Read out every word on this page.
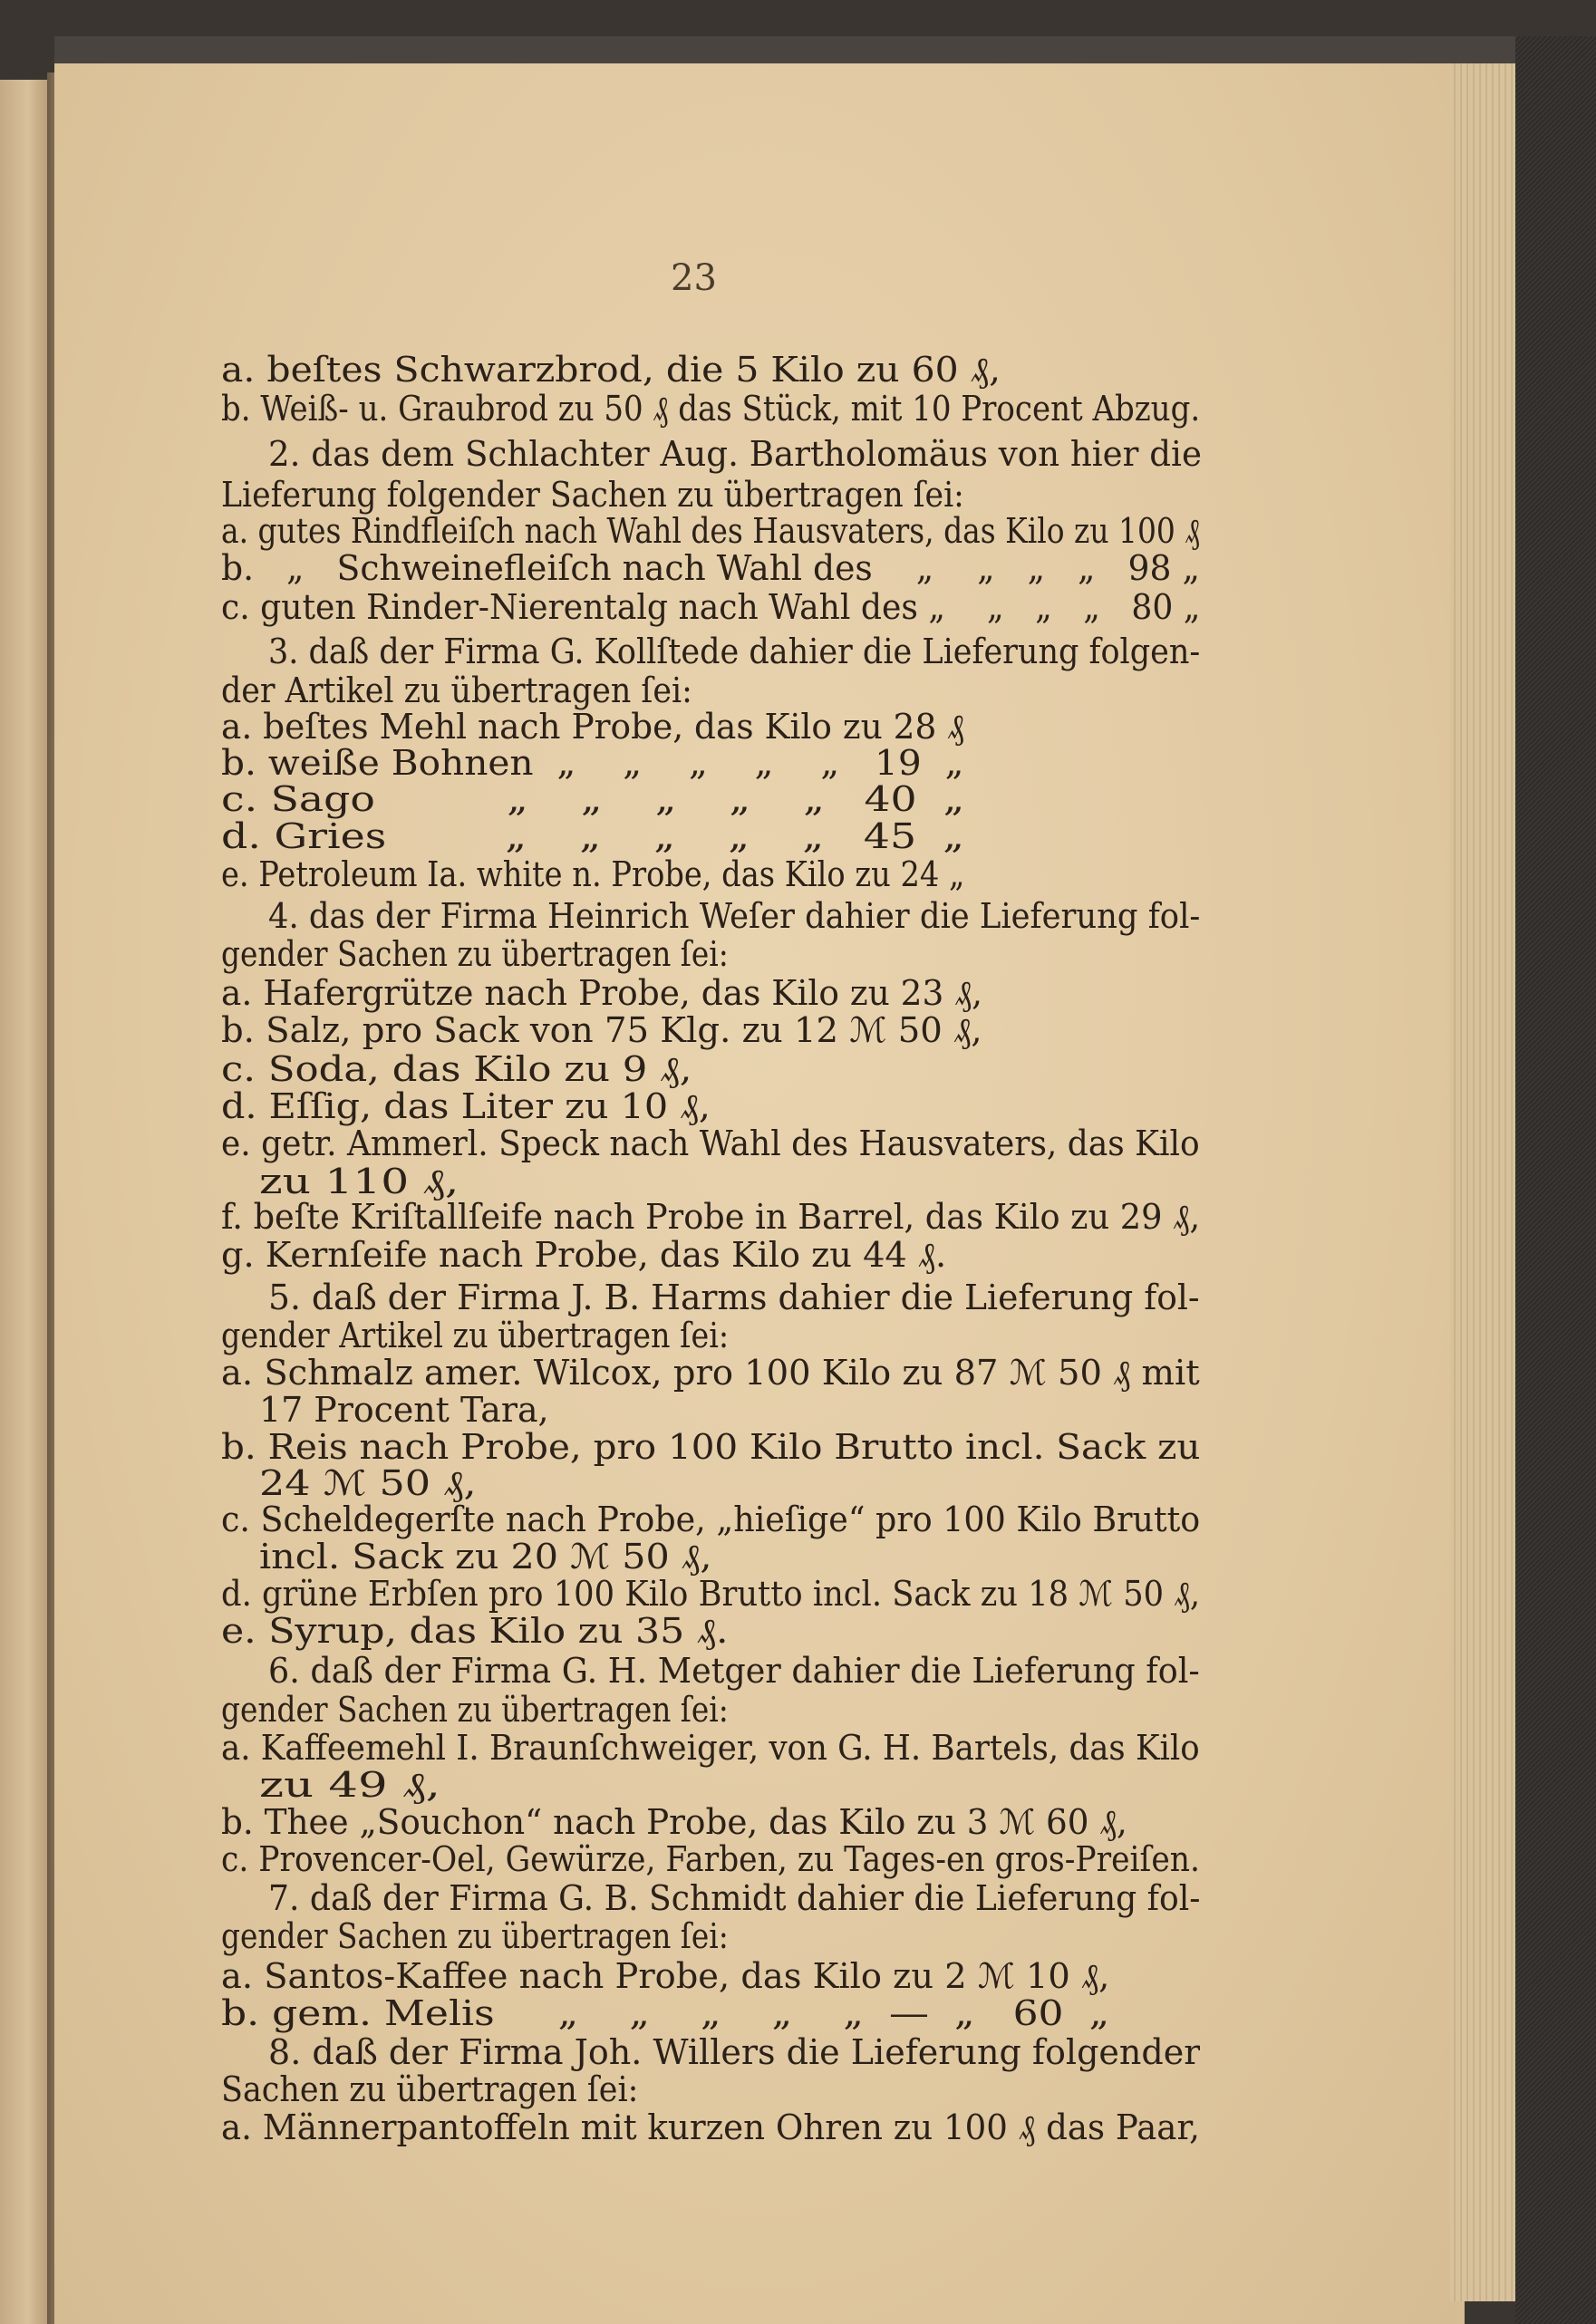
23
a. beſtes Schwarzbrod, die 5 Kilo zu 60 ₰,
b. Weiß- u. Graubrod zu 50 ₰ das Stück, mit 10 Procent Abzug.
2. das dem Schlachter Aug. Bartholomäus von hier die
Lieferung folgender Sachen zu übertragen ſei:
a. gutes Rindfleiſch nach Wahl des Hausvaters, das Kilo zu 100 ₰
b.   „   Schweinefleiſch nach Wahl des    „    „   „   „   98 „
c. guten Rinder-Nierentalg nach Wahl des „    „   „   „   80 „
3. daß der Firma G. Kollſtede dahier die Lieferung folgen-
der Artikel zu übertragen ſei:
a. beſtes Mehl nach Probe, das Kilo zu 28 ₰
b. weiße Bohnen  „    „    „    „    „   19  „
c. Sago          „    „    „    „    „   40  „
d. Gries         „    „    „    „    „   45  „
e. Petroleum Ia. white n. Probe, das Kilo zu 24 „
4. das der Firma Heinrich Weſer dahier die Lieferung fol-
gender Sachen zu übertragen ſei:
a. Hafergrütze nach Probe, das Kilo zu 23 ₰,
b. Salz, pro Sack von 75 Klg. zu 12 ℳ 50 ₰,
c. Soda, das Kilo zu 9 ₰,
d. Eſſig, das Liter zu 10 ₰,
e. getr. Ammerl. Speck nach Wahl des Hausvaters, das Kilo
zu 110 ₰,
f. beſte Kriſtallſeife nach Probe in Barrel, das Kilo zu 29 ₰,
g. Kernſeife nach Probe, das Kilo zu 44 ₰.
5. daß der Firma J. B. Harms dahier die Lieferung fol-
gender Artikel zu übertragen ſei:
a. Schmalz amer. Wilcox, pro 100 Kilo zu 87 ℳ 50 ₰ mit
17 Procent Tara,
b. Reis nach Probe, pro 100 Kilo Brutto incl. Sack zu
24 ℳ 50 ₰,
c. Scheldegerſte nach Probe, „hieſige“ pro 100 Kilo Brutto
incl. Sack zu 20 ℳ 50 ₰,
d. grüne Erbſen pro 100 Kilo Brutto incl. Sack zu 18 ℳ 50 ₰,
e. Syrup, das Kilo zu 35 ₰.
6. daß der Firma G. H. Metger dahier die Lieferung fol-
gender Sachen zu übertragen ſei:
a. Kaffeemehl I. Braunſchweiger, von G. H. Bartels, das Kilo
zu 49 ₰,
b. Thee „Souchon“ nach Probe, das Kilo zu 3 ℳ 60 ₰,
c. Provencer-Oel, Gewürze, Farben, zu Tages-en gros-Preiſen.
7. daß der Firma G. B. Schmidt dahier die Lieferung fol-
gender Sachen zu übertragen ſei:
a. Santos-Kaffee nach Probe, das Kilo zu 2 ℳ 10 ₰,
b. gem. Melis     „    „    „    „    „  —  „   60  „
8. daß der Firma Joh. Willers die Lieferung folgender
Sachen zu übertragen ſei:
a. Männerpantoffeln mit kurzen Ohren zu 100 ₰ das Paar,
